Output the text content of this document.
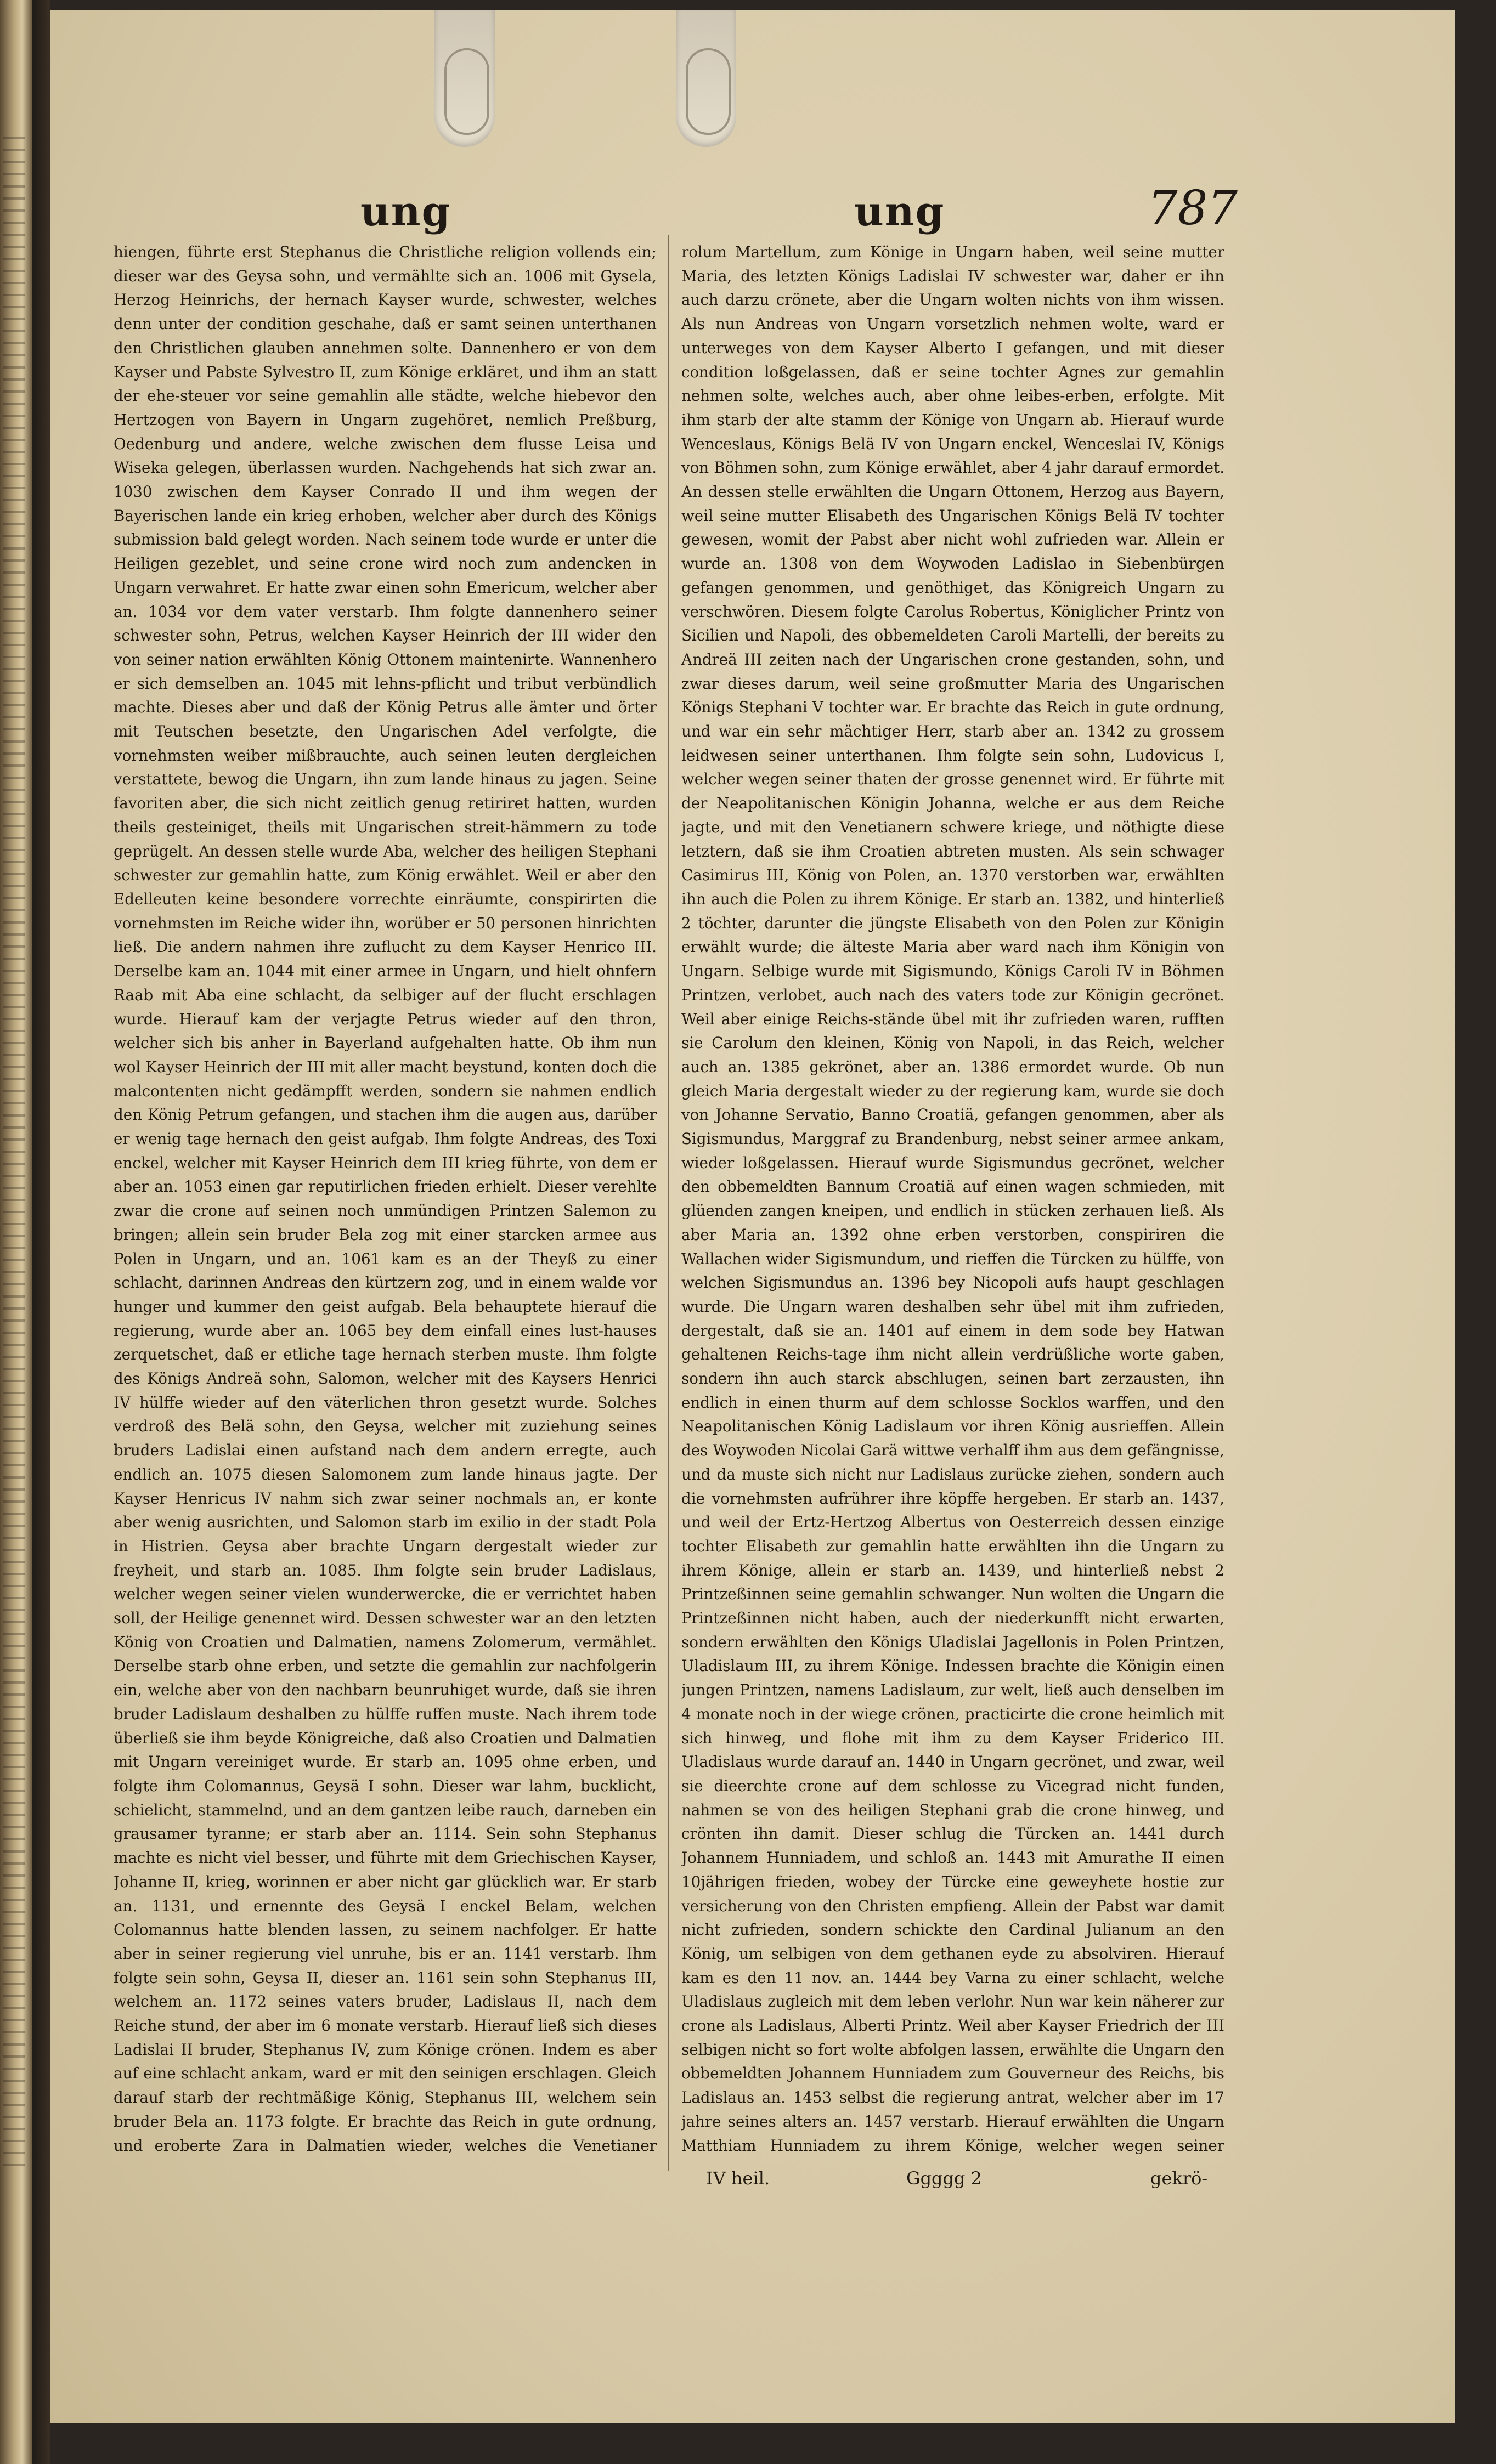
ung	ung	787

hiengen, führte erst Stephanus die Christliche religion vollends ein; dieser war des Geysa sohn, und vermählte sich an. 1006 mit Gysela, Herzog Heinrichs, der hernach Kayser wurde, schwester, welches denn unter der condition geschahe, daß er samt seinen unterthanen den Christlichen glauben annehmen solte. Dannenhero er von dem Kayser und Pabste Sylvestro II, zum Könige erkläret, und ihm an statt der ehe-steuer vor seine gemahlin alle städte, welche hiebevor den Hertzogen von Bayern in Ungarn zugehöret, nemlich Preßburg, Oedenburg und andere, welche zwischen dem flusse Leisa und Wiseka gelegen, überlassen wurden. Nachgehends hat sich zwar an. 1030 zwischen dem Kayser Conrado II und ihm wegen der Bayerischen lande ein krieg erhoben, welcher aber durch des Königs submission bald gelegt worden. Nach seinem tode wurde er unter die Heiligen gezeblet, und seine crone wird noch zum andencken in Ungarn verwahret. Er hatte zwar einen sohn Emericum, welcher aber an. 1034 vor dem vater verstarb. Ihm folgte dannenhero seiner schwester sohn, Petrus, welchen Kayser Heinrich der III wider den von seiner nation erwählten König Ottonem maintenirte. Wannenhero er sich demselben an. 1045 mit lehns-pflicht und tribut verbündlich machte. Dieses aber und daß der König Petrus alle ämter und örter mit Teutschen besetzte, den Ungarischen Adel verfolgte, die vornehmsten weiber mißbrauchte, auch seinen leuten dergleichen verstattete, bewog die Ungarn, ihn zum lande hinaus zu jagen. Seine favoriten aber, die sich nicht zeitlich genug retiriret hatten, wurden theils gesteiniget, theils mit Ungarischen streit-hämmern zu tode geprügelt. An dessen stelle wurde Aba, welcher des heiligen Stephani schwester zur gemahlin hatte, zum König erwählet. Weil er aber den Edelleuten keine besondere vorrechte einräumte, conspirirten die vornehmsten im Reiche wider ihn, worüber er 50 personen hinrichten ließ. Die andern nahmen ihre zuflucht zu dem Kayser Henrico III. Derselbe kam an. 1044 mit einer armee in Ungarn, und hielt ohnfern Raab mit Aba eine schlacht, da selbiger auf der flucht erschlagen wurde. Hierauf kam der verjagte Petrus wieder auf den thron, welcher sich bis anher in Bayerland aufgehalten hatte. Ob ihm nun wol Kayser Heinrich der III mit aller macht beystund, konten doch die malcontenten nicht gedämpfft werden, sondern sie nahmen endlich den König Petrum gefangen, und stachen ihm die augen aus, darüber er wenig tage hernach den geist aufgab. Ihm folgte Andreas, des Toxi enckel, welcher mit Kayser Heinrich dem III krieg führte, von dem er aber an. 1053 einen gar reputirlichen frieden erhielt. Dieser verehlte zwar die crone auf seinen noch unmündigen Printzen Salemon zu bringen; allein sein bruder Bela zog mit einer starcken armee aus Polen in Ungarn, und an. 1061 kam es an der Theyß zu einer schlacht, darinnen Andreas den kürtzern zog, und in einem walde vor hunger und kummer den geist aufgab. Bela behauptete hierauf die regierung, wurde aber an. 1065 bey dem einfall eines lust-hauses zerquetschet, daß er etliche tage hernach sterben muste. Ihm folgte des Königs Andreä sohn, Salomon, welcher mit des Kaysers Henrici IV hülffe wieder auf den väterlichen thron gesetzt wurde. Solches verdroß des Belä sohn, den Geysa, welcher mit zuziehung seines bruders Ladislai einen aufstand nach dem andern erregte, auch endlich an. 1075 diesen Salomonem zum lande hinaus jagte. Der Kayser Henricus IV nahm sich zwar seiner nochmals an, er konte aber wenig ausrichten, und Salomon starb im exilio in der stadt Pola in Histrien. Geysa aber brachte Ungarn dergestalt wieder zur freyheit, und starb an. 1085. Ihm folgte sein bruder Ladislaus, welcher wegen seiner vielen wunderwercke, die er verrichtet haben soll, der Heilige genennet wird. Dessen schwester war an den letzten König von Croatien und Dalmatien, namens Zolomerum, vermählet. Derselbe starb ohne erben, und setzte die gemahlin zur nachfolgerin ein, welche aber von den nachbarn beunruhiget wurde, daß sie ihren bruder Ladislaum deshalben zu hülffe ruffen muste. Nach ihrem tode überließ sie ihm beyde Königreiche, daß also Croatien und Dalmatien mit Ungarn vereiniget wurde. Er starb an. 1095 ohne erben, und folgte ihm Colomannus, Geysä I sohn. Dieser war lahm, bucklicht, schielicht, stammelnd, und an dem gantzen leibe rauch, darneben ein grausamer tyranne; er starb aber an. 1114. Sein sohn Stephanus machte es nicht viel besser, und führte mit dem Griechischen Kayser, Johanne II, krieg, worinnen er aber nicht gar glücklich war. Er starb an. 1131, und ernennte des Geysä I enckel Belam, welchen Colomannus hatte blenden lassen, zu seinem nachfolger. Er hatte aber in seiner regierung viel unruhe, bis er an. 1141 verstarb. Ihm folgte sein sohn, Geysa II, dieser an. 1161 sein sohn Stephanus III, welchem an. 1172 seines vaters bruder, Ladislaus II, nach dem Reiche stund, der aber im 6 monate verstarb. Hierauf ließ sich dieses Ladislai II bruder, Stephanus IV, zum Könige crönen. Indem es aber auf eine schlacht ankam, ward er mit den seinigen erschlagen. Gleich darauf starb der rechtmäßige König, Stephanus III, welchem sein bruder Bela an. 1173 folgte. Er brachte das Reich in gute ordnung, und eroberte Zara in Dalmatien wieder, welches die Venetianer

rolum Martellum, zum Könige in Ungarn haben, weil seine mutter Maria, des letzten Königs Ladislai IV schwester war, daher er ihn auch darzu crönete, aber die Ungarn wolten nichts von ihm wissen. Als nun Andreas von Ungarn vorsetzlich nehmen wolte, ward er unterweges von dem Kayser Alberto I gefangen, und mit dieser condition loßgelassen, daß er seine tochter Agnes zur gemahlin nehmen solte, welches auch, aber ohne leibes-erben, erfolgte. Mit ihm starb der alte stamm der Könige von Ungarn ab. Hierauf wurde Wenceslaus, Königs Belä IV von Ungarn enckel, Wenceslai IV, Königs von Böhmen sohn, zum Könige erwählet, aber 4 jahr darauf ermordet. An dessen stelle erwählten die Ungarn Ottonem, Herzog aus Bayern, weil seine mutter Elisabeth des Ungarischen Königs Belä IV tochter gewesen, womit der Pabst aber nicht wohl zufrieden war. Allein er wurde an. 1308 von dem Woywoden Ladislao in Siebenbürgen gefangen genommen, und genöthiget, das Königreich Ungarn zu verschwören. Diesem folgte Carolus Robertus, Königlicher Printz von Sicilien und Napoli, des obbemeldeten Caroli Martelli, der bereits zu Andreä III zeiten nach der Ungarischen crone gestanden, sohn, und zwar dieses darum, weil seine großmutter Maria des Ungarischen Königs Stephani V tochter war. Er brachte das Reich in gute ordnung, und war ein sehr mächtiger Herr, starb aber an. 1342 zu grossem leidwesen seiner unterthanen. Ihm folgte sein sohn, Ludovicus I, welcher wegen seiner thaten der grosse genennet wird. Er führte mit der Neapolitanischen Königin Johanna, welche er aus dem Reiche jagte, und mit den Venetianern schwere kriege, und nöthigte diese letztern, daß sie ihm Croatien abtreten musten. Als sein schwager Casimirus III, König von Polen, an. 1370 verstorben war, erwählten ihn auch die Polen zu ihrem Könige. Er starb an. 1382, und hinterließ 2 töchter, darunter die jüngste Elisabeth von den Polen zur Königin erwählt wurde; die älteste Maria aber ward nach ihm Königin von Ungarn. Selbige wurde mit Sigismundo, Königs Caroli IV in Böhmen Printzen, verlobet, auch nach des vaters tode zur Königin gecrönet. Weil aber einige Reichs-stände übel mit ihr zufrieden waren, rufften sie Carolum den kleinen, König von Napoli, in das Reich, welcher auch an. 1385 gekrönet, aber an. 1386 ermordet wurde. Ob nun gleich Maria dergestalt wieder zu der regierung kam, wurde sie doch von Johanne Servatio, Banno Croatiä, gefangen genommen, aber als Sigismundus, Marggraf zu Brandenburg, nebst seiner armee ankam, wieder loßgelassen. Hierauf wurde Sigismundus gecrönet, welcher den obbemeldten Bannum Croatiä auf einen wagen schmieden, mit glüenden zangen kneipen, und endlich in stücken zerhauen ließ. Als aber Maria an. 1392 ohne erben verstorben, conspiriren die Wallachen wider Sigismundum, und rieffen die Türcken zu hülffe, von welchen Sigismundus an. 1396 bey Nicopoli aufs haupt geschlagen wurde. Die Ungarn waren deshalben sehr übel mit ihm zufrieden, dergestalt, daß sie an. 1401 auf einem in dem sode bey Hatwan gehaltenen Reichs-tage ihm nicht allein verdrüßliche worte gaben, sondern ihn auch starck abschlugen, seinen bart zerzausten, ihn endlich in einen thurm auf dem schlosse Socklos warffen, und den Neapolitanischen König Ladislaum vor ihren König ausrieffen. Allein des Woywoden Nicolai Garä wittwe verhalff ihm aus dem gefängnisse, und da muste sich nicht nur Ladislaus zurücke ziehen, sondern auch die vornehmsten aufrührer ihre köpffe hergeben. Er starb an. 1437, und weil der Ertz-Hertzog Albertus von Oesterreich dessen einzige tochter Elisabeth zur gemahlin hatte erwählten ihn die Ungarn zu ihrem Könige, allein er starb an. 1439, und hinterließ nebst 2 Printzeßinnen seine gemahlin schwanger. Nun wolten die Ungarn die Printzeßinnen nicht haben, auch der niederkunfft nicht erwarten, sondern erwählten den Königs Uladislai Jagellonis in Polen Printzen, Uladislaum III, zu ihrem Könige. Indessen brachte die Königin einen jungen Printzen, namens Ladislaum, zur welt, ließ auch denselben im 4 monate noch in der wiege crönen, practicirte die crone heimlich mit sich hinweg, und flohe mit ihm zu dem Kayser Friderico III. Uladislaus wurde darauf an. 1440 in Ungarn gecrönet, und zwar, weil sie dieerchte crone auf dem schlosse zu Vicegrad nicht funden, nahmen se von des heiligen Stephani grab die crone hinweg, und crönten ihn damit. Dieser schlug die Türcken an. 1441 durch Johannem Hunniadem, und schloß an. 1443 mit Amurathe II einen 10jährigen frieden, wobey der Türcke eine geweyhete hostie zur versicherung von den Christen empfieng. Allein der Pabst war damit nicht zufrieden, sondern schickte den Cardinal Julianum an den König, um selbigen von dem gethanen eyde zu absolviren. Hierauf kam es den 11 nov. an. 1444 bey Varna zu einer schlacht, welche Uladislaus zugleich mit dem leben verlohr. Nun war kein näherer zur crone als Ladislaus, Alberti Printz. Weil aber Kayser Friedrich der III selbigen nicht so fort wolte abfolgen lassen, erwählte die Ungarn den obbemeldten Johannem Hunniadem zum Gouverneur des Reichs, bis Ladislaus an. 1453 selbst die regierung antrat, welcher aber im 17 jahre seines alters an. 1457 verstarb. Hierauf erwählten die Ungarn Matthiam Hunniadem zu ihrem Könige, welcher wegen seiner

IV heil.	Ggggg 2	gekrö-
